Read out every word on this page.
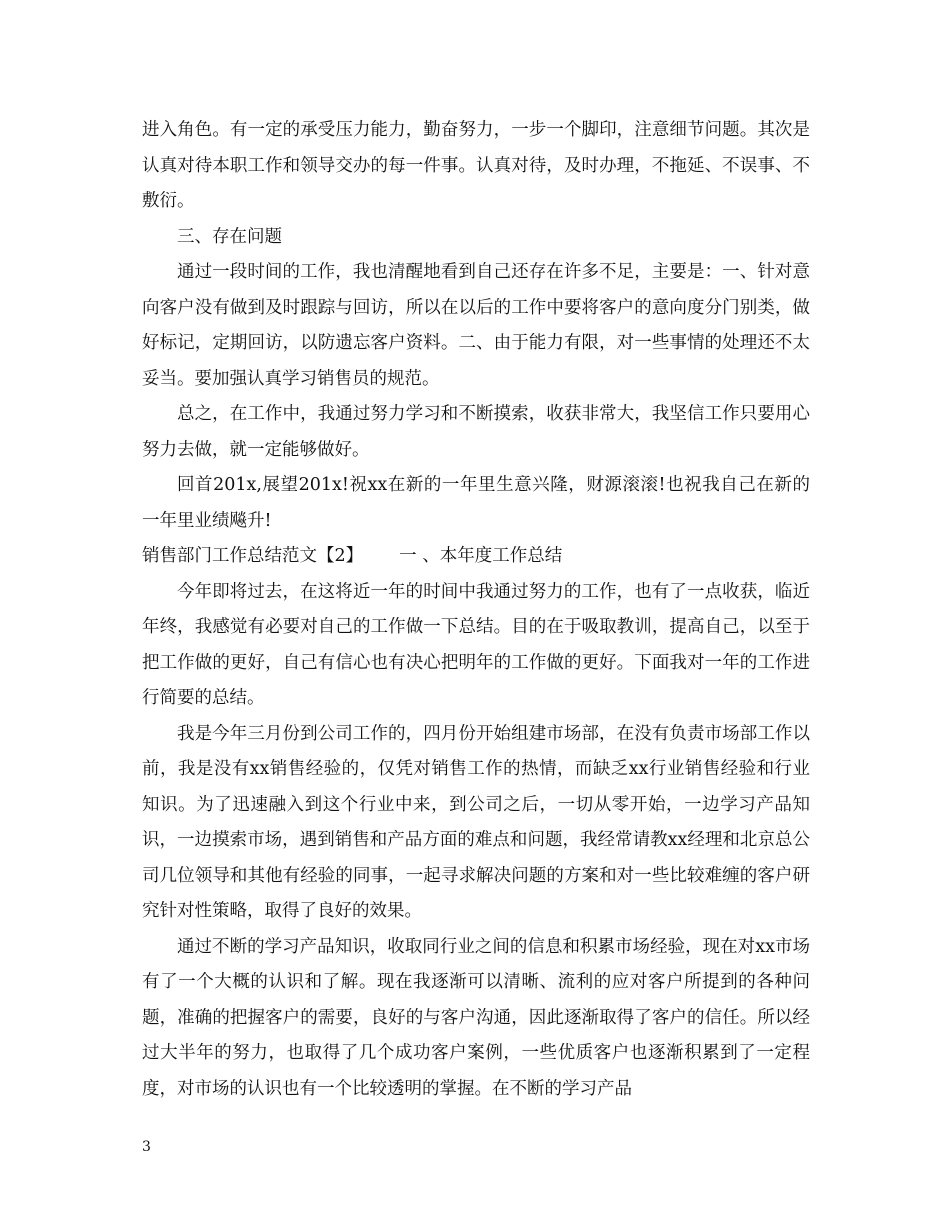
进入角色。有一定的承受压力能力，勤奋努力，一步一个脚印，注意细节问题。其次是认真对待本职工作和领导交办的每一件事。认真对待，及时办理，不拖延、不误事、不敷衍。

三、存在问题

通过一段时间的工作，我也清醒地看到自己还存在许多不足，主要是：一、针对意向客户没有做到及时跟踪与回访，所以在以后的工作中要将客户的意向度分门别类，做好标记，定期回访，以防遗忘客户资料。二、由于能力有限，对一些事情的处理还不太妥当。要加强认真学习销售员的规范。

总之，在工作中，我通过努力学习和不断摸索，收获非常大，我坚信工作只要用心努力去做，就一定能够做好。

回首201x,展望201x!祝xx在新的一年里生意兴隆，财源滚滚!也祝我自己在新的一年里业绩飚升!

销售部门工作总结范文【2】 一 、本年度工作总结

今年即将过去，在这将近一年的时间中我通过努力的工作，也有了一点收获，临近年终，我感觉有必要对自己的工作做一下总结。目的在于吸取教训，提高自己，以至于把工作做的更好，自己有信心也有决心把明年的工作做的更好。下面我对一年的工作进行简要的总结。

我是今年三月份到公司工作的，四月份开始组建市场部，在没有负责市场部工作以前，我是没有xx销售经验的，仅凭对销售工作的热情，而缺乏xx行业销售经验和行业知识。为了迅速融入到这个行业中来，到公司之后，一切从零开始，一边学习产品知识，一边摸索市场，遇到销售和产品方面的难点和问题，我经常请教xx经理和北京总公司几位领导和其他有经验的同事，一起寻求解决问题的方案和对一些比较难缠的客户研究针对性策略，取得了良好的效果。

通过不断的学习产品知识，收取同行业之间的信息和积累市场经验，现在对xx市场有了一个大概的认识和了解。现在我逐渐可以清晰、流利的应对客户所提到的各种问题，准确的把握客户的需要，良好的与客户沟通，因此逐渐取得了客户的信任。所以经过大半年的努力，也取得了几个成功客户案例，一些优质客户也逐渐积累到了一定程度，对市场的认识也有一个比较透明的掌握。在不断的学习产品

3
